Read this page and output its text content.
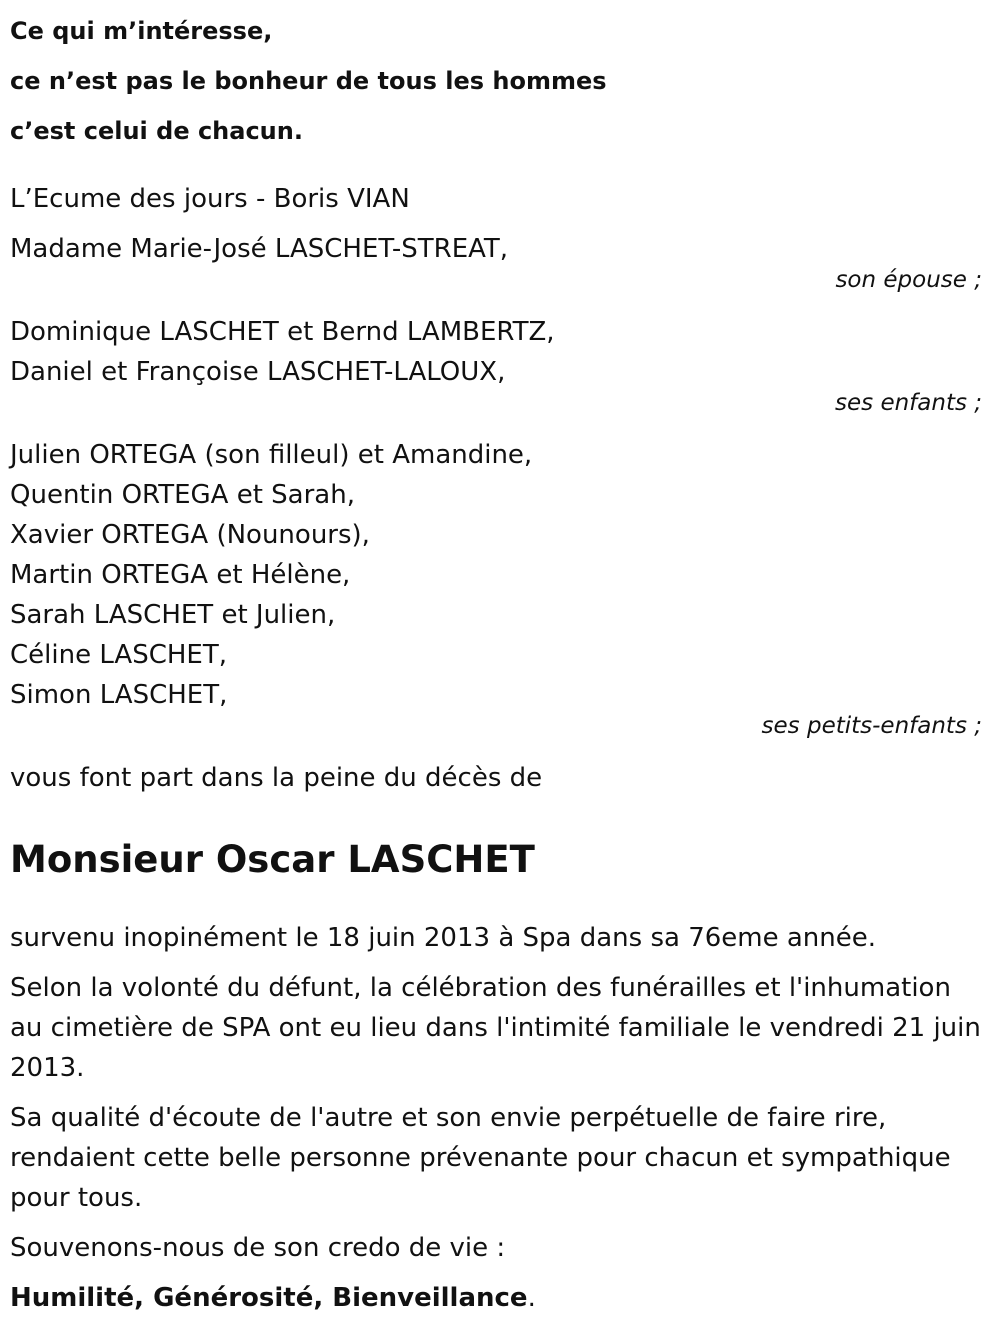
Ce qui m’intéresse,

ce n’est pas le bonheur de tous les hommes

c’est celui de chacun.

L’Ecume des jours - Boris VIAN

Madame Marie-José LASCHET-STREAT,

son épouse ;

Dominique LASCHET et Bernd LAMBERTZ,

Daniel et Françoise LASCHET-LALOUX,

ses enfants ;

Julien ORTEGA (son filleul) et Amandine,

Quentin ORTEGA et Sarah,

Xavier ORTEGA (Nounours),

Martin ORTEGA et Hélène,

Sarah LASCHET et Julien,

Céline LASCHET,

Simon LASCHET,

ses petits-enfants ;

vous font part dans la peine du décès de

Monsieur Oscar LASCHET

survenu inopinément le 18 juin 2013 à Spa dans sa 76eme année.

Selon la volonté du défunt, la célébration des funérailles et l'inhumation au cimetière de SPA ont eu lieu dans l'intimité familiale le vendredi 21 juin 2013.

Sa qualité d'écoute de l'autre et son envie perpétuelle de faire rire, rendaient cette belle personne prévenante pour chacun et sympathique pour tous.

Souvenons-nous de son credo de vie :

Humilité, Générosité, Bienveillance.
